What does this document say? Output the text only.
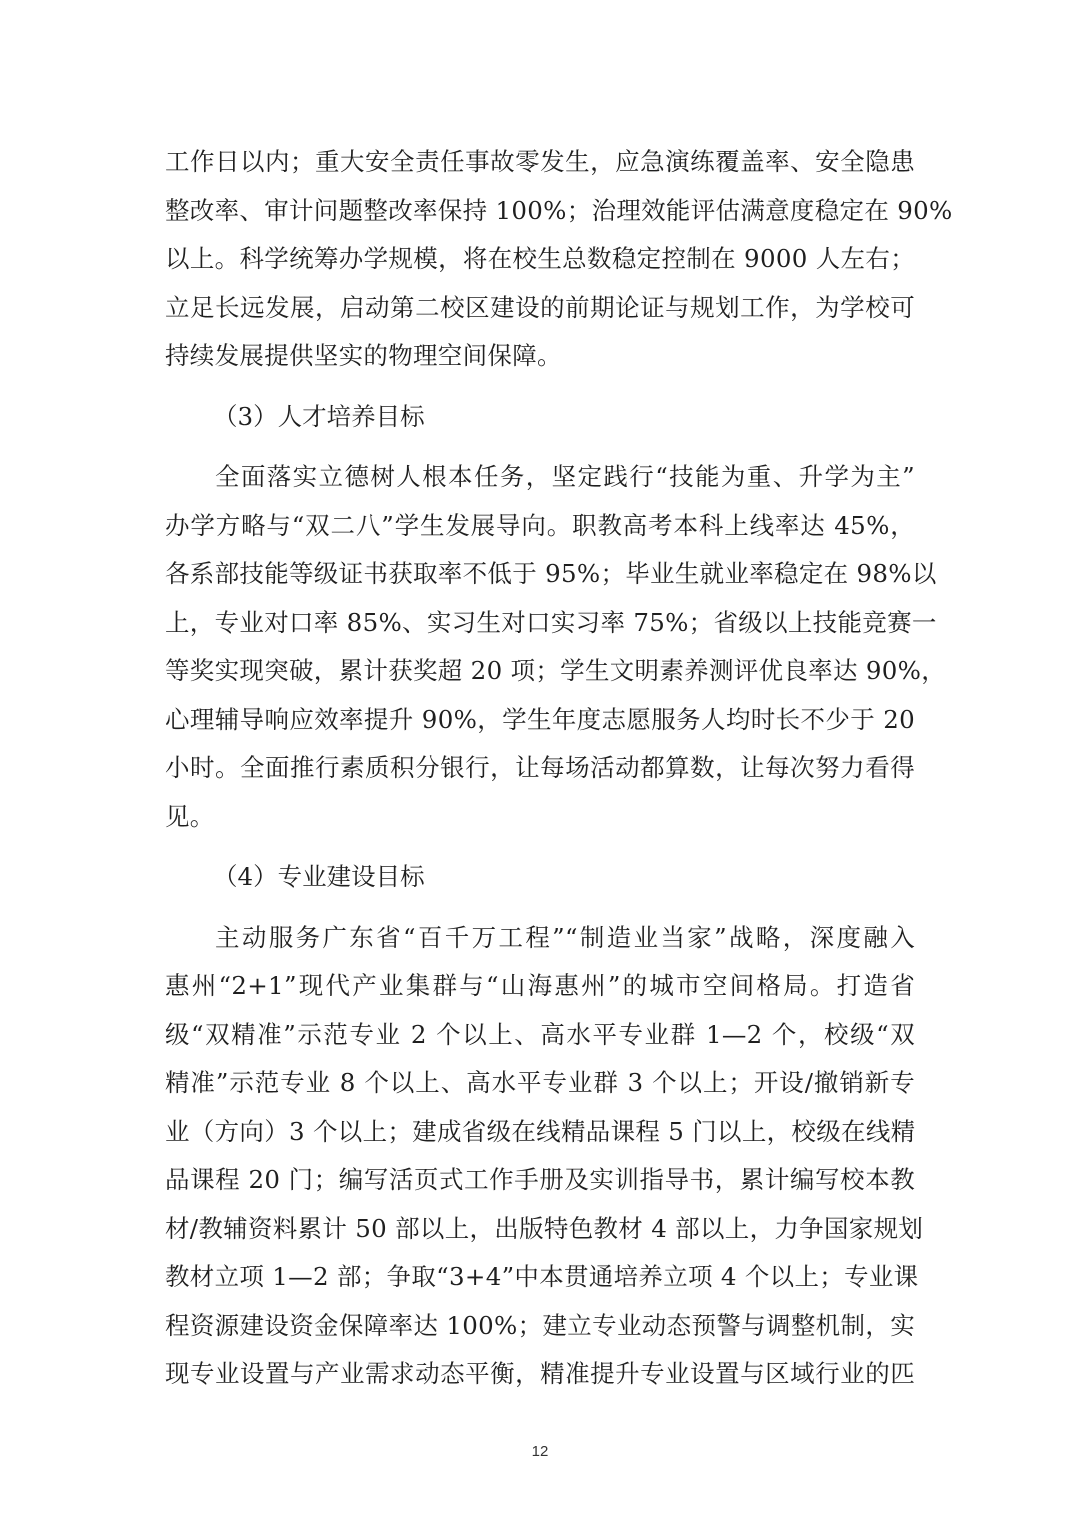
工作日以内；重大安全责任事故零发生，应急演练覆盖率、安全隐患
整改率、审计问题整改率保持 100%；治理效能评估满意度稳定在 90%
以上。科学统筹办学规模，将在校生总数稳定控制在 9000 人左右；
立足长远发展，启动第二校区建设的前期论证与规划工作，为学校可
持续发展提供坚实的物理空间保障。
（3）人才培养目标
全面落实立德树人根本任务，坚定践行“技能为重、升学为主”
办学方略与“双二八”学生发展导向。职教高考本科上线率达 45%，
各系部技能等级证书获取率不低于 95%；毕业生就业率稳定在 98%以
上，专业对口率 85%、实习生对口实习率 75%；省级以上技能竞赛一
等奖实现突破，累计获奖超 20 项；学生文明素养测评优良率达 90%，
心理辅导响应效率提升 90%，学生年度志愿服务人均时长不少于 20
小时。全面推行素质积分银行，让每场活动都算数，让每次努力看得
见。
（4）专业建设目标
主动服务广东省“百千万工程”“制造业当家”战略，深度融入
惠州“2+1”现代产业集群与“山海惠州”的城市空间格局。打造省
级“双精准”示范专业 2 个以上、高水平专业群 1—2 个，校级“双
精准”示范专业 8 个以上、高水平专业群 3 个以上；开设/撤销新专
业（方向）3 个以上；建成省级在线精品课程 5 门以上，校级在线精
品课程 20 门；编写活页式工作手册及实训指导书，累计编写校本教
材/教辅资料累计 50 部以上，出版特色教材 4 部以上，力争国家规划
教材立项 1—2 部；争取“3+4”中本贯通培养立项 4 个以上；专业课
程资源建设资金保障率达 100%；建立专业动态预警与调整机制，实
现专业设置与产业需求动态平衡，精准提升专业设置与区域行业的匹
12
